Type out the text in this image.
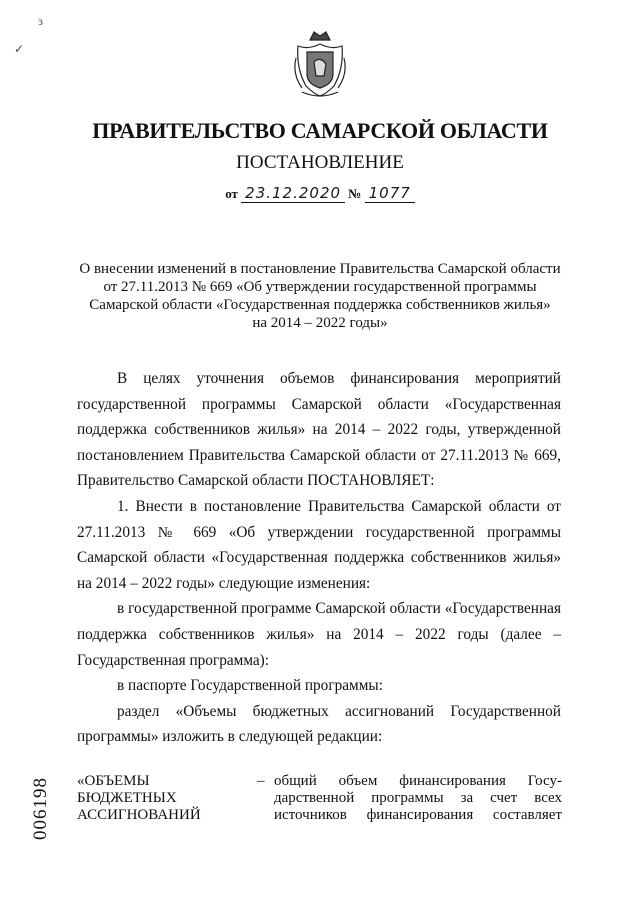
ɜ
✓
ПРАВИТЕЛЬСТВО САМАРСКОЙ ОБЛАСТИ
ПОСТАНОВЛЕНИЕ
от 23.12.2020 № 1077
О внесении изменений в постановление Правительства Самарской области
от 27.11.2013 № 669 «Об утверждении государственной программы
Самарской области «Государственная поддержка собственников жилья»
на 2014 – 2022 годы»

В целях уточнения объемов финансирования мероприятий государственной программы Самарской области «Государственная поддержка собственников жилья» на 2014 – 2022 годы, утвержденной постановлением Правительства Самарской области от 27.11.2013 № 669, Правительство Самарской области ПОСТАНОВЛЯЕТ:

1. Внести в постановление Правительства Самарской области от 27.11.2013 № 669 «Об утверждении государственной программы Самарской области «Государственная поддержка собственников жилья» на 2014 – 2022 годы» следующие изменения:

в государственной программе Самарской области «Государственная поддержка собственников жилья» на 2014 – 2022 годы (далее – Государственная программа):

в паспорте Государственной программы:

раздел «Объемы бюджетных ассигнований Государственной программы» изложить в следующей редакции:

006198 «ОБЪЕМЫ
БЮДЖЕТНЫХ
АССИГНОВАНИЙ
– общий объем финансирования Госу-
дарственной программы за счет всех
источников финансирования составляет
